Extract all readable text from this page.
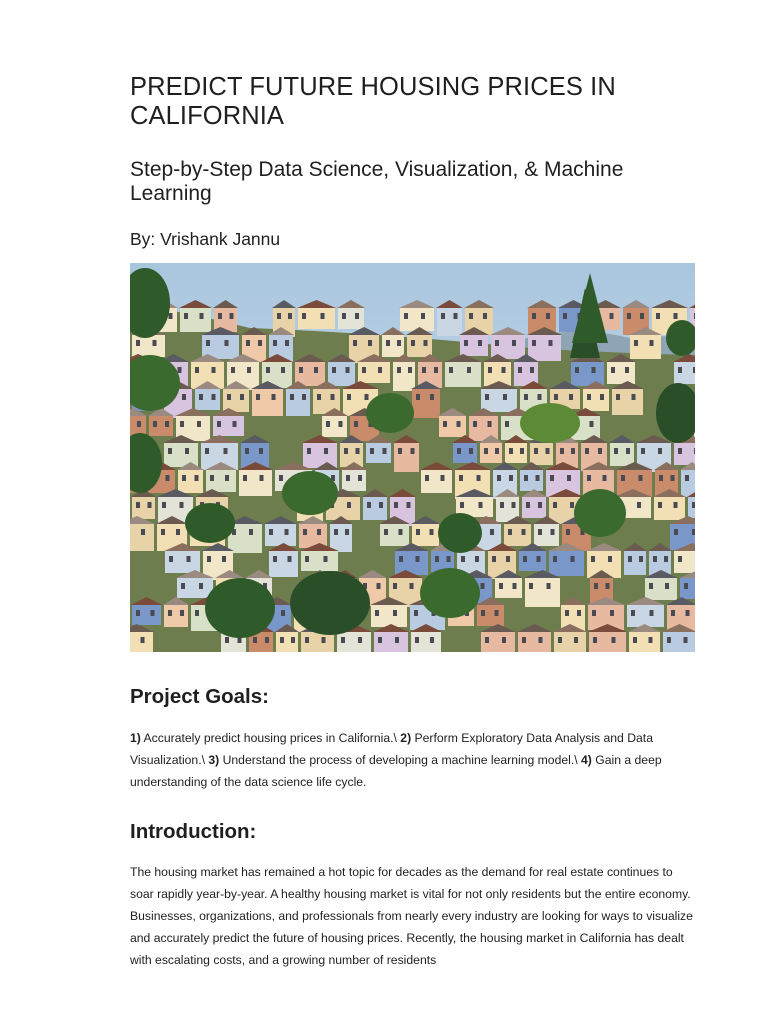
PREDICT FUTURE HOUSING PRICES IN CALIFORNIA
Step-by-Step Data Science, Visualization, & Machine Learning

By: Vrishank Jannu

Project Goals:

1) Accurately predict housing prices in California.\ 2) Perform Exploratory Data Analysis and Data Visualization.\ 3) Understand the process of developing a machine learning model.\ 4) Gain a deep understanding of the data science life cycle.

Introduction:

The housing market has remained a hot topic for decades as the demand for real estate continues to soar rapidly year-by-year. A healthy housing market is vital for not only residents but the entire economy. Businesses, organizations, and professionals from nearly every industry are looking for ways to visualize and accurately predict the future of housing prices. Recently, the housing market in California has dealt with escalating costs, and a growing number of residents
